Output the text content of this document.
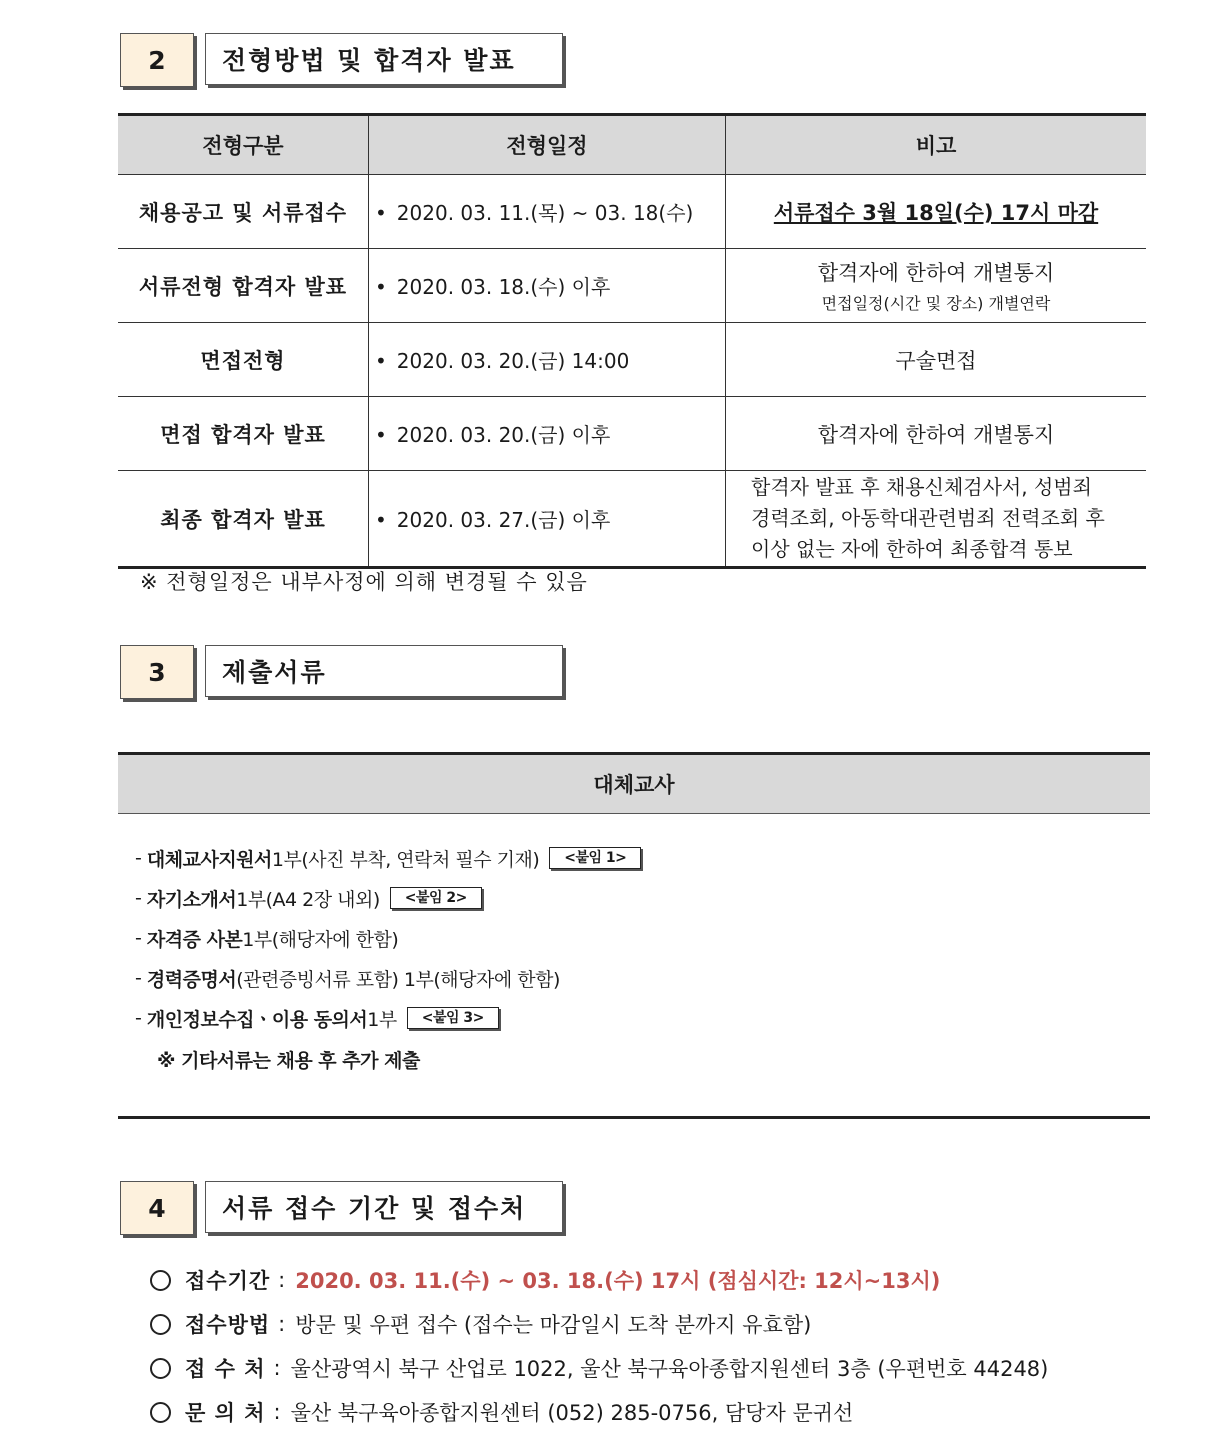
2	전형방법 및 합격자 발표
전형구분	전형일정	비고
채용공고 및 서류접수	• 2020. 03. 11.(목) ~ 03. 18(수)	서류접수 3월 18일(수) 17시 마감
서류전형 합격자 발표	• 2020. 03. 18.(수) 이후	합격자에 한하여 개별통지
면접일정(시간 및 장소) 개별연락

면접전형	• 2020. 03. 20.(금) 14:00	구술면접
면접 합격자 발표	• 2020. 03. 20.(금) 이후	합격자에 한하여 개별통지
최종 합격자 발표	• 2020. 03. 27.(금) 이후	합격자 발표 후 채용신체검사서, 성범죄
경력조회, 아동학대관련범죄 전력조회 후
이상 없는 자에 한하여 최종합격 통보
※ 전형일정은 내부사정에 의해 변경될 수 있음
3	제출서류
대체교사
- 대체교사지원서 1부(사진 부착, 연락처 필수 기재)	<붙임 1>
- 자기소개서 1부(A4 2장 내외)	<붙임 2>
- 자격증 사본 1부(해당자에 한함)
- 경력증명서 (관련증빙서류 포함) 1부(해당자에 한함)
- 개인정보수집ㆍ이용 동의서 1부	<붙임 3>
※ 기타서류는 채용 후 추가 제출
4	서류 접수 기간 및 접수처
접수기간 : 2020. 03. 11.(수) ~ 03. 18.(수) 17시 (점심시간: 12시~13시)
접수방법 : 방문 및 우편 접수 (접수는 마감일시 도착 분까지 유효함)
접 수 처 : 울산광역시 북구 산업로 1022, 울산 북구육아종합지원센터 3층 (우편번호 44248)
문 의 처 : 울산 북구육아종합지원센터 (052) 285-0756, 담당자 문귀선
